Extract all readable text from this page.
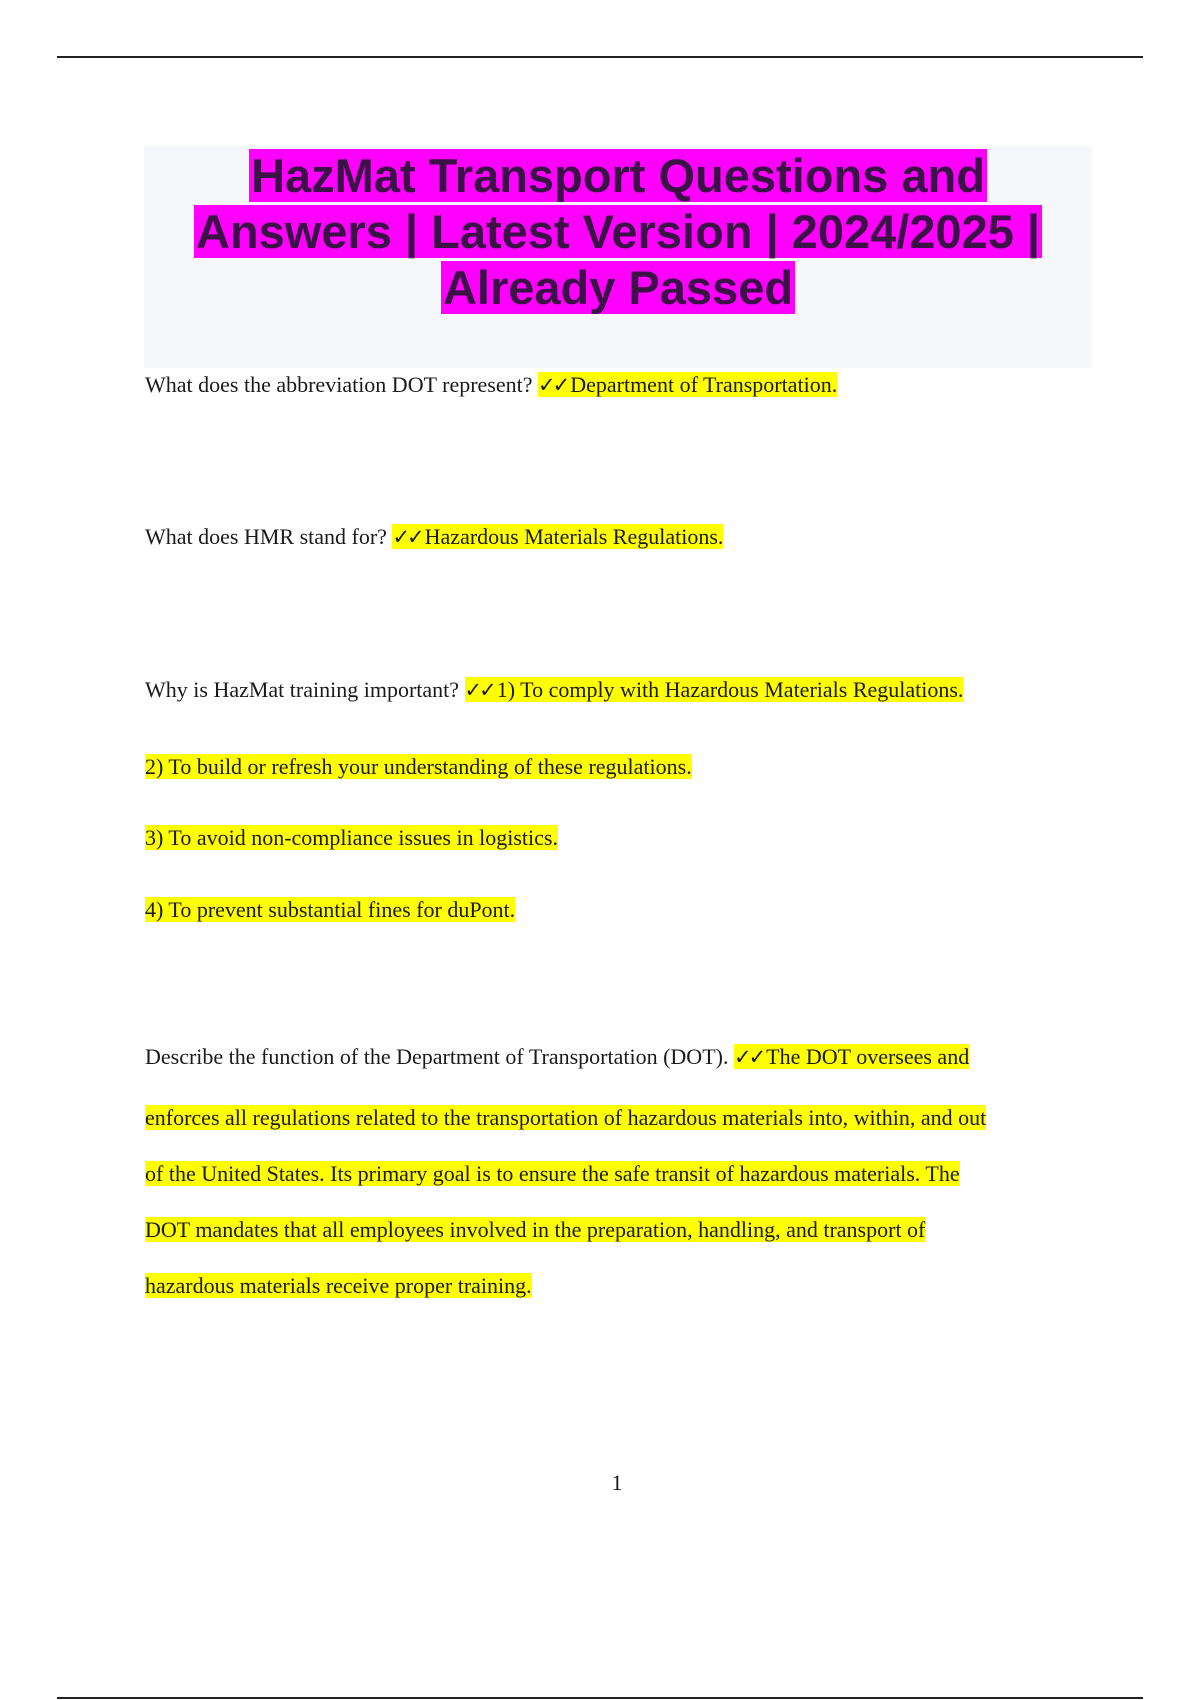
HazMat Transport Questions and
Answers | Latest Version | 2024/2025 |
Already Passed
What does the abbreviation DOT represent? ✓✓ Department of Transportation.
What does HMR stand for? ✓✓ Hazardous Materials Regulations.
Why is HazMat training important? ✓✓ 1) To comply with Hazardous Materials Regulations.
2) To build or refresh your understanding of these regulations.
3) To avoid non-compliance issues in logistics.
4) To prevent substantial fines for duPont.
Describe the function of the Department of Transportation (DOT). ✓✓ The DOT oversees and
enforces all regulations related to the transportation of hazardous materials into, within, and out
of the United States. Its primary goal is to ensure the safe transit of hazardous materials. The
DOT mandates that all employees involved in the preparation, handling, and transport of
hazardous materials receive proper training.
1
